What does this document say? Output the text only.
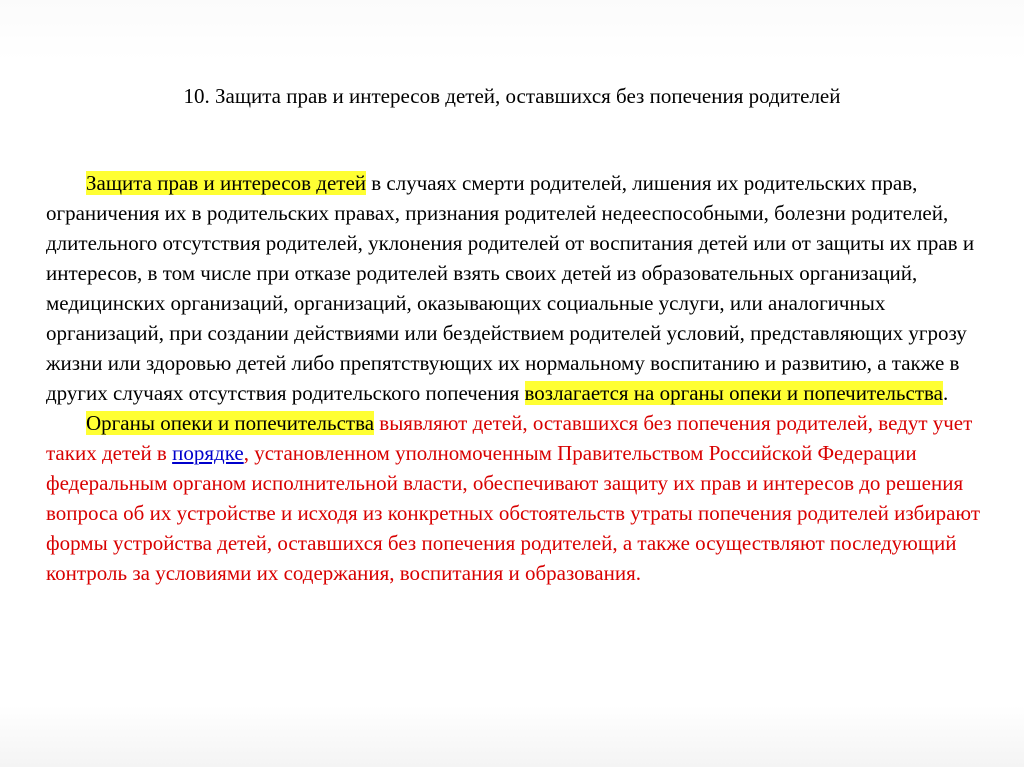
10. Защита прав и интересов детей, оставшихся без попечения родителей

Защита прав и интересов детей в случаях смерти родителей, лишения их родительских прав, ограничения их в родительских правах, признания родителей недееспособными, болезни родителей, длительного отсутствия родителей, уклонения родителей от воспитания детей или от защиты их прав и интересов, в том числе при отказе родителей взять своих детей из образовательных организаций, медицинских организаций, организаций, оказывающих социальные услуги, или аналогичных организаций, при создании действиями или бездействием родителей условий, представляющих угрозу жизни или здоровью детей либо препятствующих их нормальному воспитанию и развитию, а также в других случаях отсутствия родительского попечения возлагается на органы опеки и попечительства.

Органы опеки и попечительства выявляют детей, оставшихся без попечения родителей, ведут учет таких детей в порядке, установленном уполномоченным Правительством Российской Федерации федеральным органом исполнительной власти, обеспечивают защиту их прав и интересов до решения вопроса об их устройстве и исходя из конкретных обстоятельств утраты попечения родителей избирают формы устройства детей, оставшихся без попечения родителей, а также осуществляют последующий контроль за условиями их содержания, воспитания и образования.
